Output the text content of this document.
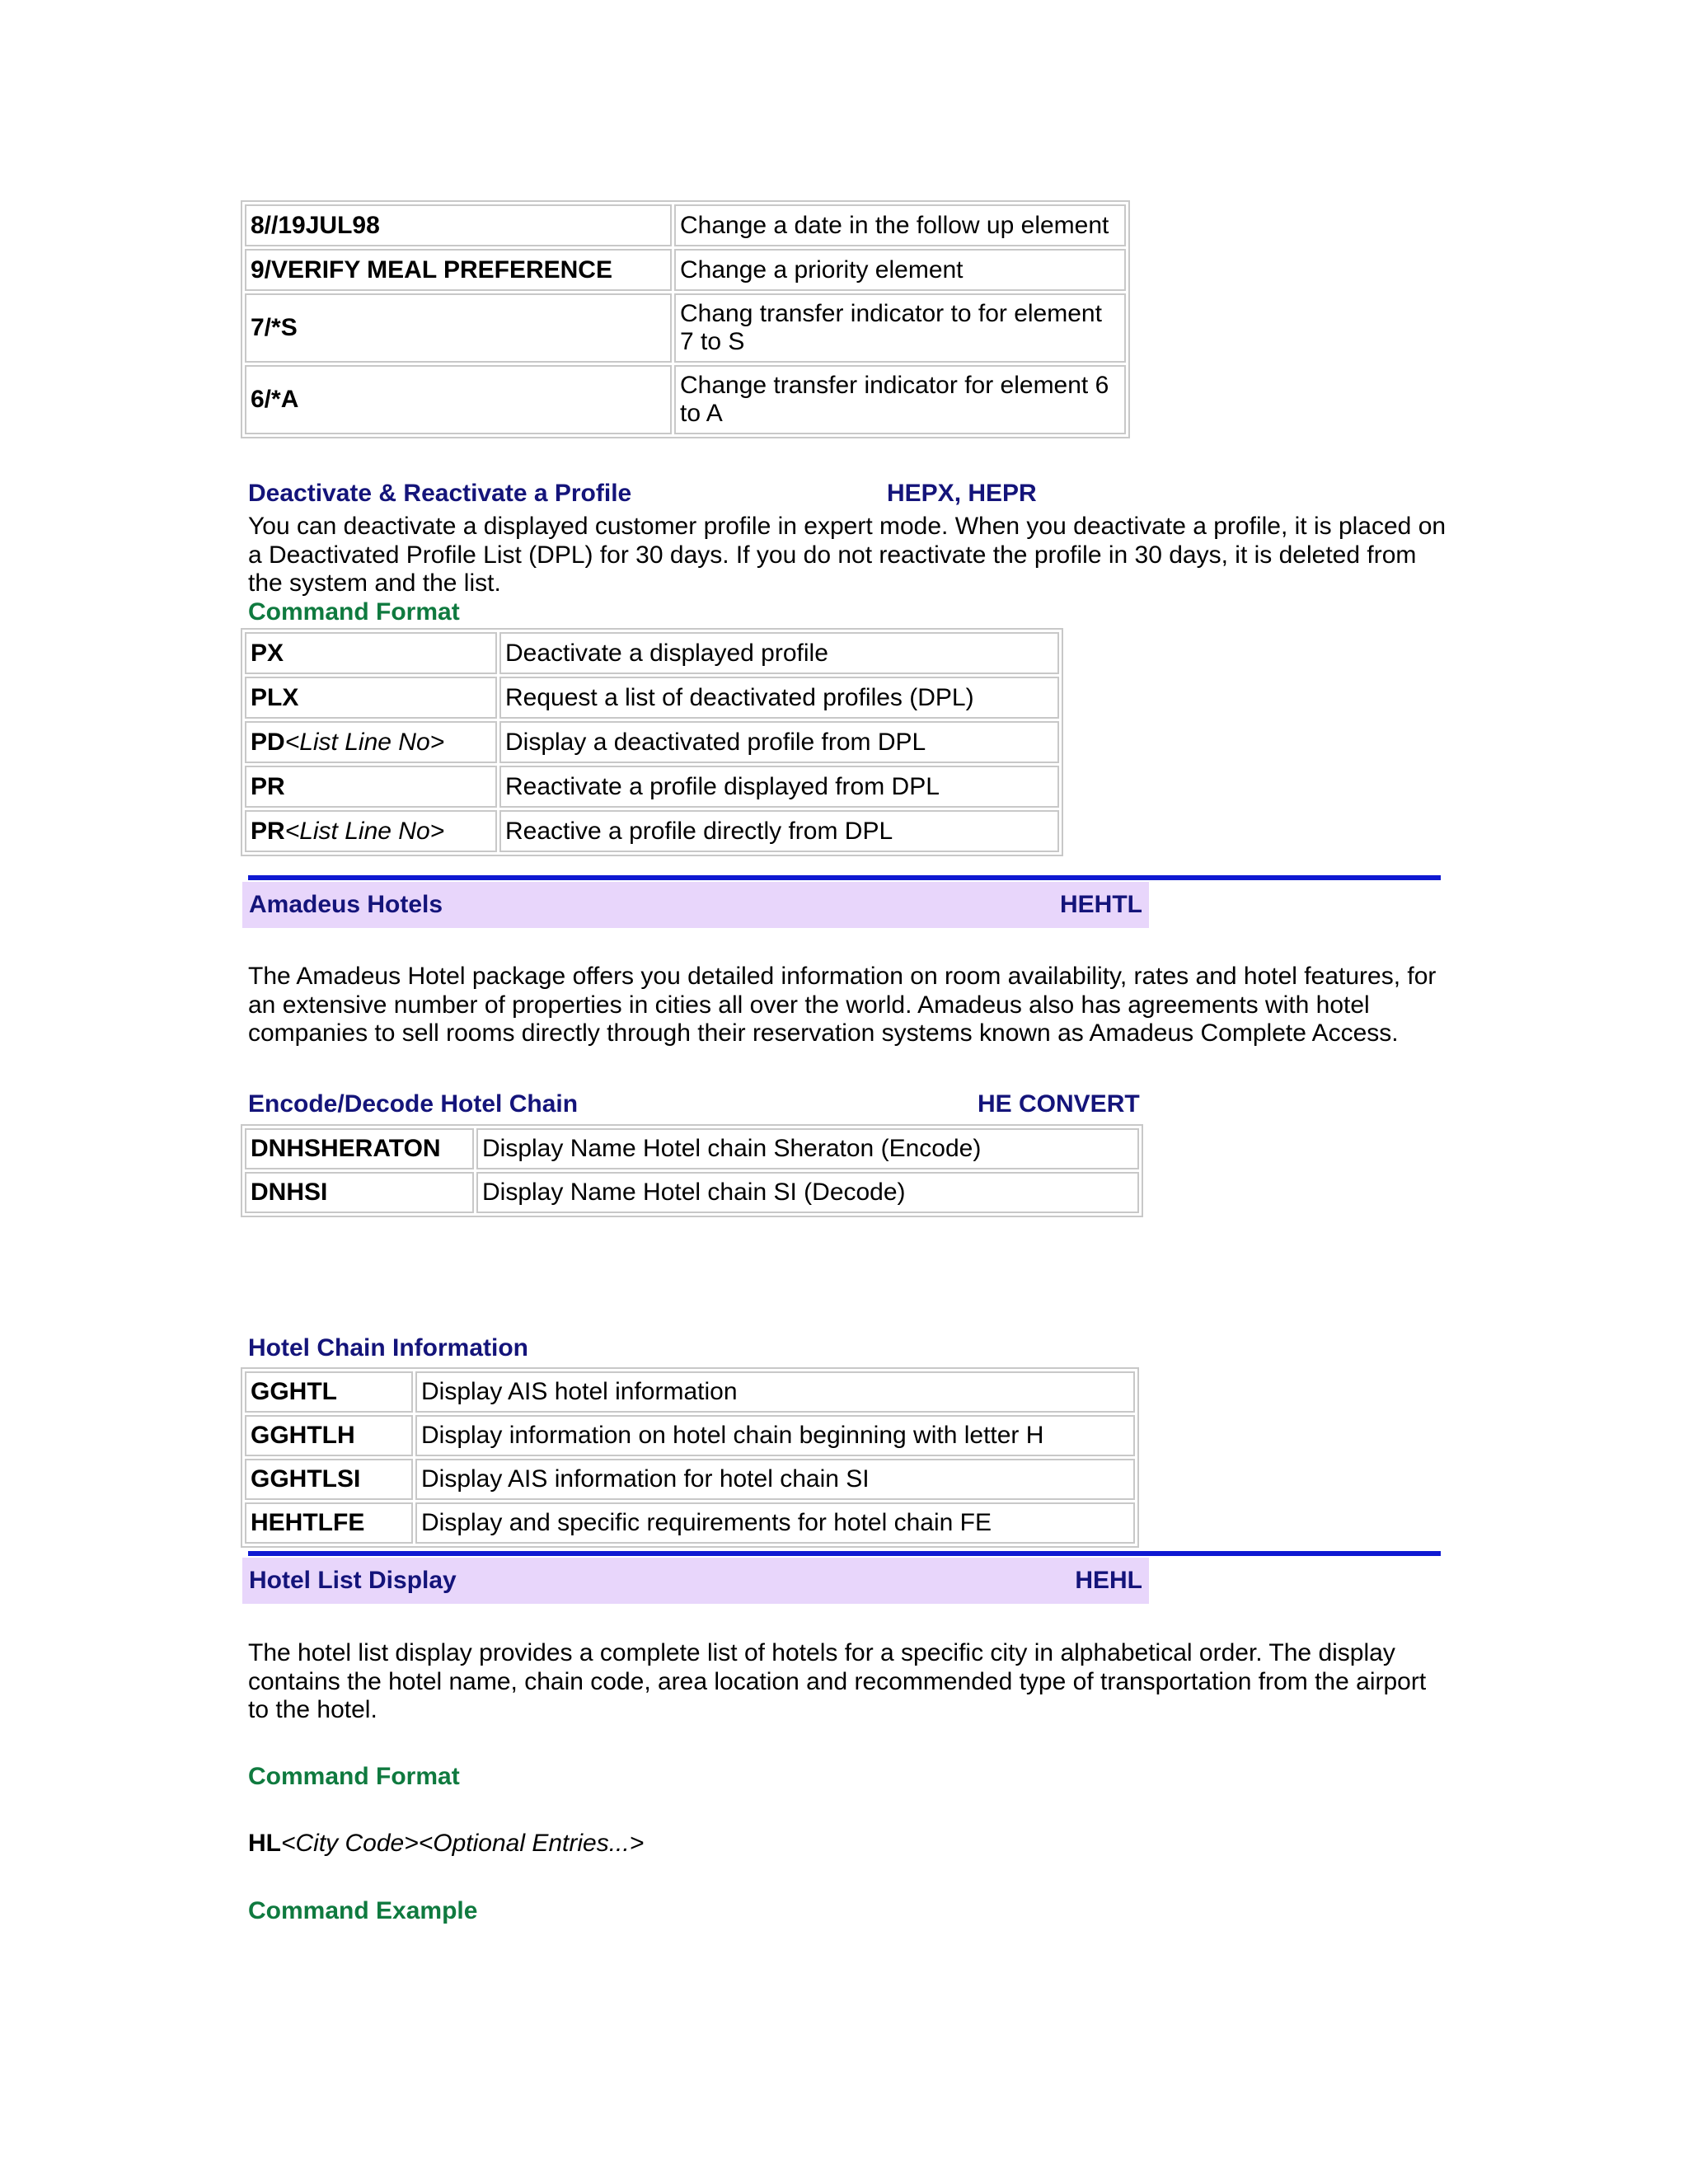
8//19JUL98	Change a date in the follow up element
9/VERIFY MEAL PREFERENCE	Change a priority element
7/*S	Chang transfer indicator to for element 7 to S
6/*A	Change transfer indicator for element 6 to A
Deactivate & Reactivate a Profile	HEPX, HEPR
You can deactivate a displayed customer profile in expert mode. When you deactivate a profile, it is placed on a Deactivated Profile List (DPL) for 30 days. If you do not reactivate the profile in 30 days, it is deleted from the system and the list.
Command Format
PX	Deactivate a displayed profile
PLX	Request a list of deactivated profiles (DPL)
PD<List Line No>	Display a deactivated profile from DPL
PR	Reactivate a profile displayed from DPL
PR<List Line No>	Reactive a profile directly from DPL
Amadeus Hotels	HEHTL
The Amadeus Hotel package offers you detailed information on room availability, rates and hotel features, for an extensive number of properties in cities all over the world. Amadeus also has agreements with hotel companies to sell rooms directly through their reservation systems known as Amadeus Complete Access.
Encode/Decode Hotel Chain	HE CONVERT
DNHSHERATON	Display Name Hotel chain Sheraton (Encode)
DNHSI	Display Name Hotel chain SI (Decode)
Hotel Chain Information
GGHTL	Display AIS hotel information
GGHTLH	Display information on hotel chain beginning with letter H
GGHTLSI	Display AIS information for hotel chain SI
HEHTLFE	Display and specific requirements for hotel chain FE
Hotel List Display	HEHL
The hotel list display provides a complete list of hotels for a specific city in alphabetical order. The display contains the hotel name, chain code, area location and recommended type of transportation from the airport to the hotel.
Command Format
HL<City Code><Optional Entries...>
Command Example
